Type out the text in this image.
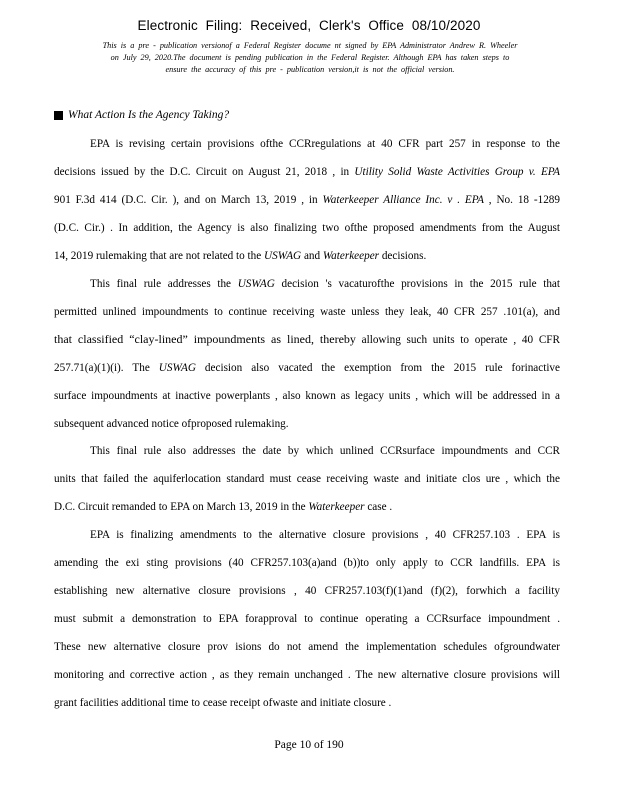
Electronic Filing: Received, Clerk's Office 08/10/2020
This is a pre - publication versionof a Federal Register docume nt signed by EPA Administrator Andrew R. Wheeler
on July 29, 2020.The document is pending publication in the Federal Register. Although EPA has taken steps to
ensure the accuracy of this pre - publication version,it is not the official version.
What Action Is the Agency Taking?
EPA is revising certain provisions ofthe CCRregulations at 40 CFR part 257 in response to the
decisions issued by the D.C. Circuit on August 21, 2018 , in Utility Solid Waste Activities Group v. EPA
901 F.3d 414 (D.C. Cir. ), and on March 13, 2019 , in Waterkeeper Alliance Inc. v . EPA , No. 18 -1289
(D.C. Cir.) . In addition, the Agency is also finalizing two ofthe proposed amendments from the August
14, 2019 rulemaking that are not related to the USWAG and Waterkeeper decisions.
This final rule addresses the USWAG decision 's vacaturofthe provisions in the 2015 rule that
permitted unlined impoundments to continue receiving waste unless they leak, 40 CFR 257 .101(a), and
that classified “clay-lined” impoundments as lined, thereby allowing such units to operate , 40 CFR
257.71(a)(1)(i). The USWAG decision also vacated the exemption from the 2015 rule forinactive
surface impoundments at inactive powerplants , also known as legacy units , which will be addressed in a
subsequent advanced notice ofproposed rulemaking.
This final rule also addresses the date by which unlined CCRsurface impoundments and CCR
units that failed the aquiferlocation standard must cease receiving waste and initiate clos ure , which the
D.C. Circuit remanded to EPA on March 13, 2019 in the Waterkeeper case .
EPA is finalizing amendments to the alternative closure provisions , 40 CFR257.103 . EPA is
amending the exi sting provisions (40 CFR257.103(a)and (b))to only apply to CCR landfills. EPA is
establishing new alternative closure provisions , 40 CFR257.103(f)(1)and (f)(2), forwhich a facility
must submit a demonstration to EPA forapproval to continue operating a CCRsurface impoundment .
These new alternative closure prov isions do not amend the implementation schedules ofgroundwater
monitoring and corrective action , as they remain unchanged . The new alternative closure provisions will
grant facilities additional time to cease receipt ofwaste and initiate closure .
Page 10 of 190
